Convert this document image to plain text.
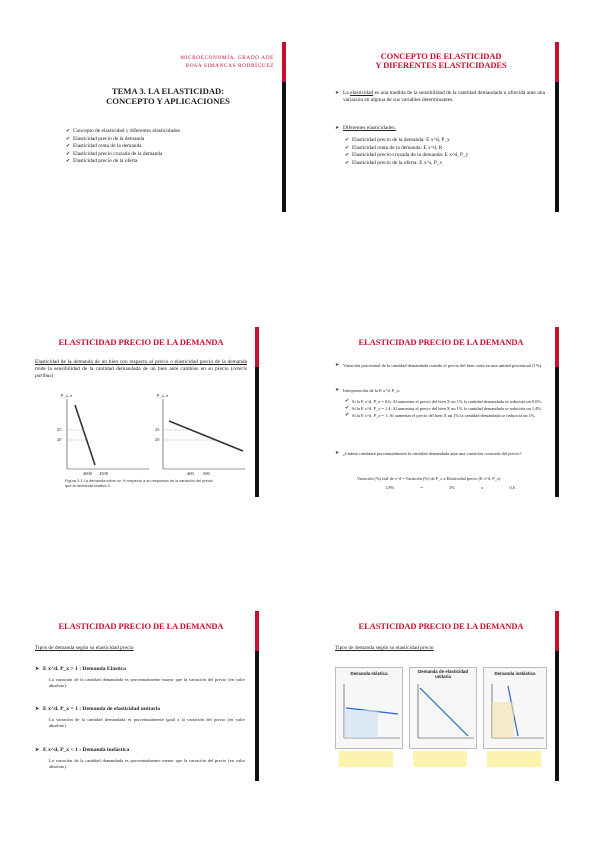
MICROECONOMÍA. GRADO ADE
ROSA SIMANCAS RODRÍGUEZ
TEMA 3. LA ELASTICIDAD:
CONCEPTO Y APLICACIONES
✔ Concepto de elasticidad y diferentes elasticidades
✔ Elasticidad precio de la demanda
✔ Elasticidad renta de la demanda
✔ Elasticidad precio cruzada de la demanda
✔ Elasticidad precio de la oferta
CONCEPTO DE ELASTICIDAD
Y DIFERENTES ELASTICIDADES
➤ La elasticidad es una medida de la sensibilidad de la cantidad demandada u ofrecida ante una variación en alguna de sus variables determinantes.
➤ Diferentes elasticidades:
✔ Elasticidad precio de la demanda: E x^d, P_x
✔ Elasticidad renta de la demanda: E x^d, R
✔ Elasticidad precio-cruzada de la demanda: E x^d, P_y
✔ Elasticidad precio de la oferta: E x^s, P_x
ELASTICIDAD PRECIO DE LA DEMANDA
Elasticidad de la demanda de un bien con respecto al precio o elasticidad precio de la demanda mide la sensibilidad de la cantidad demandada de un bien ante cambios en su precio (ceteris paribus)
P_x, e
25
20
4000 4500
P_x, e
25
20
400 500
Figura 3.1 La demanda sobre un % respecto a su respuesta de la variación del precio que la demanda relativa X.
ELASTICIDAD PRECIO DE LA DEMANDA
➤ Variación porcentual de la cantidad demandada cuando el precio del bien varía en una unidad porcentual (1%).
➤ Interpretación de la E x^d, P_x:
✔ Si la E x^d, P_x = 0,6: Al aumentar el precio del bien X un 1% la cantidad demandada se reduciría un 0,6%.
✔ Si la E x^d, P_x = 1,4: Al aumentar el precio del bien X un 1% la cantidad demandada se reduciría un 1,4%.
✔ Si la E x^d, P_x = 1: Al aumentar el precio del bien X un 1% la cantidad demandada se reduciría un 1%.
➤ ¿Cuánto cambiará porcentualmente la cantidad demandada ante una variación conocida del precio?
Variación (%) real de x^d = Variación (%) de P_x x Elasticidad precio (E x^d, P_x)
1,8%	=	3%	x	0,6
ELASTICIDAD PRECIO DE LA DEMANDA
Tipos de demanda según su elasticidad precio
➤ E x^d, P_x > 1 : Demanda Elástica
La variación de la cantidad demandada es porcentualmente mayor que la variación del precio (en valor absoluto).
➤ E x^d, P_x = 1 : Demanda de elasticidad unitaria
La variación de la cantidad demandada es porcentualmente igual a la variación del precio (en valor absoluto).
➤ E x^d, P_x < 1 : Demanda inelástica
La variación de la cantidad demandada es porcentualmente menor que la variación del precio (en valor absoluto).
ELASTICIDAD PRECIO DE LA DEMANDA
Tipos de demanda según su elasticidad precio
Demanda elástica	Demanda de elasticidad unitaria
Demanda inelástica
